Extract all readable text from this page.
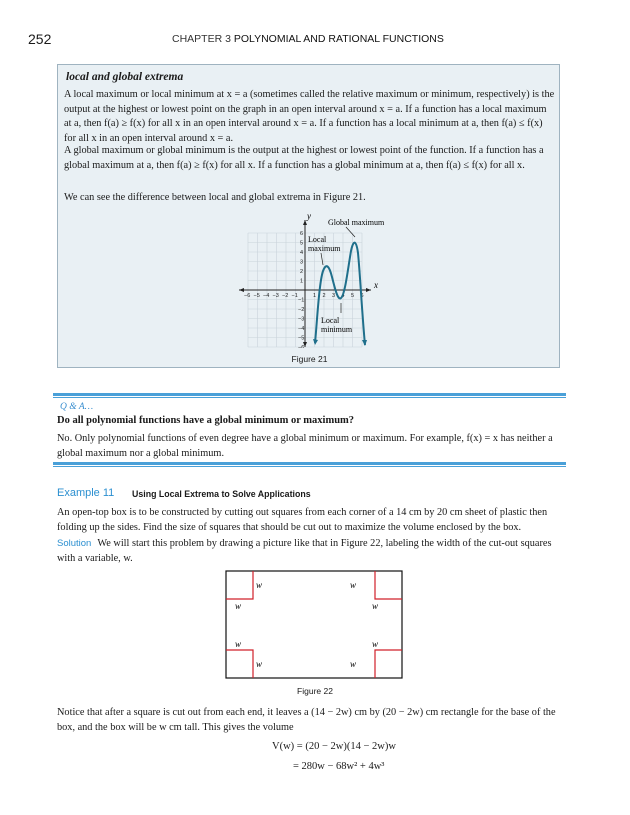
252	CHAPTER 3 POLYNOMIAL AND RATIONAL FUNCTIONS
local and global extrema

A local maximum or local minimum at x = a (sometimes called the relative maximum or minimum, respectively) is the output at the highest or lowest point on the graph in an open interval around x = a. If a function has a local maximum at a, then f(a) ≥ f(x) for all x in an open interval around x = a. If a function has a local minimum at a, then f(a) ≤ f(x) for all x in an open interval around x = a.

A global maximum or global minimum is the output at the highest or lowest point of the function. If a function has a global maximum at a, then f(a) ≥ f(x) for all x. If a function has a global minimum at a, then f(a) ≤ f(x) for all x.

We can see the difference between local and global extrema in Figure 21.

−6 −5 −4 −3 −2 −1	1 2 3 4 5 6
6
5
4
3
2
1
−1
−2
−3
−4
−5
−6
x
y
Global maximum
Local
maximum
Local
minimum
Figure 21
Q & A…
Do all polynomial functions have a global minimum or maximum?

No. Only polynomial functions of even degree have a global minimum or maximum. For example, f(x) = x has neither a global maximum nor a global minimum.

Example 11 Using Local Extrema to Solve Applications

An open-top box is to be constructed by cutting out squares from each corner of a 14 cm by 20 cm sheet of plastic then folding up the sides. Find the size of squares that should be cut out to maximize the volume enclosed by the box.

Solution We will start this problem by drawing a picture like that in Figure 22, labeling the width of the cut-out squares with a variable, w.

w
w
w
w
w
w
w
w
Figure 22

Notice that after a square is cut out from each end, it leaves a (14 − 2w) cm by (20 − 2w) cm rectangle for the base of the box, and the box will be w cm tall. This gives the volume

V(w) = (20 − 2w)(14 − 2w)w
= 280w − 68w² + 4w³
